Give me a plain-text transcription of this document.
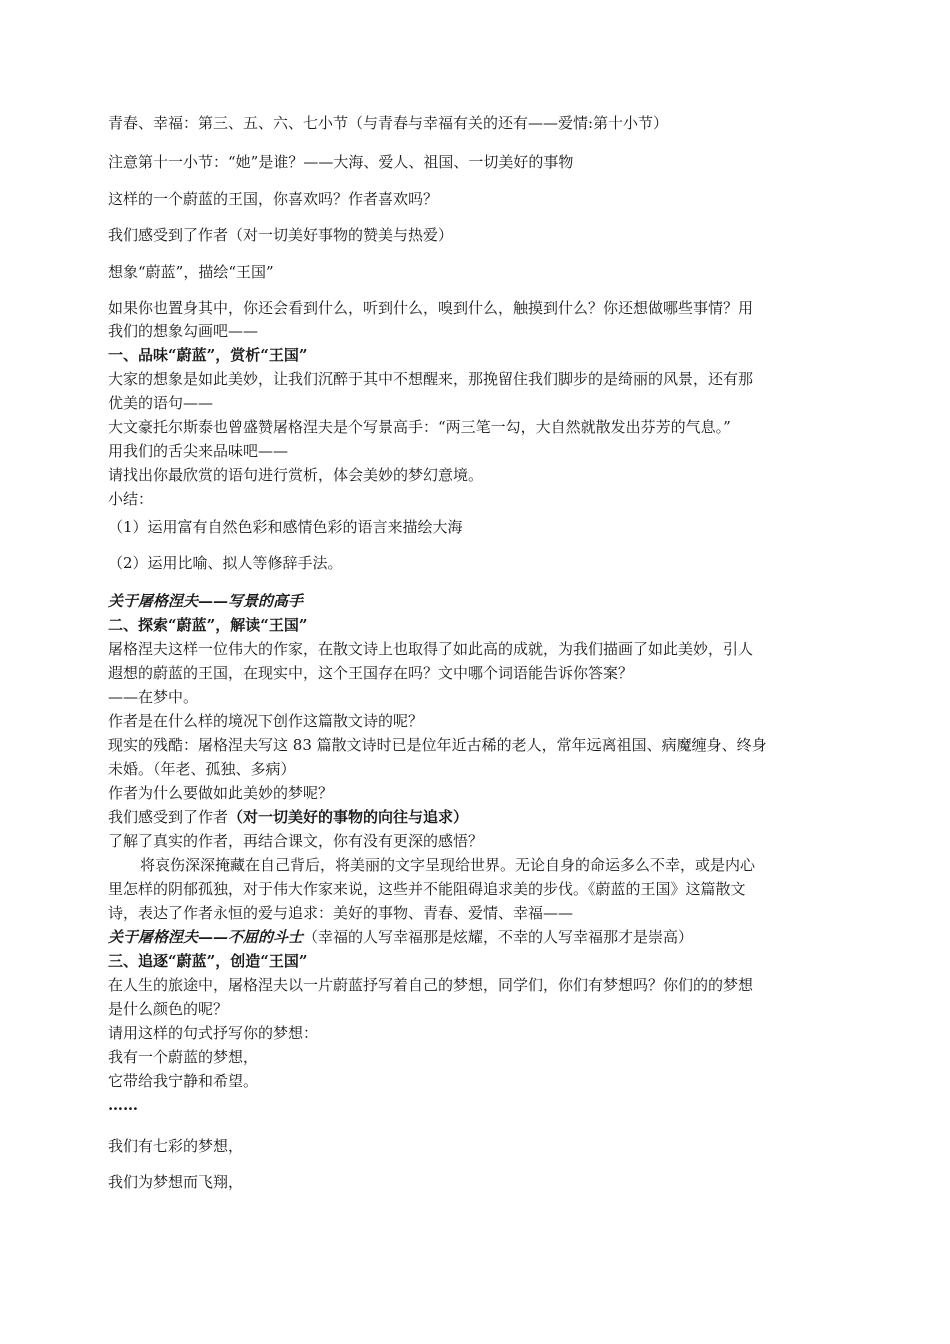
青春、幸福：第三、五、六、七小节（与青春与幸福有关的还有——爱情:第十小节）
注意第十一小节：“她”是谁？——大海、爱人、祖国、一切美好的事物
这样的一个蔚蓝的王国，你喜欢吗？作者喜欢吗？
我们感受到了作者（对一切美好事物的赞美与热爱）
想象“蔚蓝”，描绘“王国”
如果你也置身其中，你还会看到什么，听到什么，嗅到什么，触摸到什么？你还想做哪些事情？用
我们的想象勾画吧——
一、品味“蔚蓝”，赏析“王国”
大家的想象是如此美妙，让我们沉醉于其中不想醒来，那挽留住我们脚步的是绮丽的风景，还有那
优美的语句——
大文豪托尔斯泰也曾盛赞屠格涅夫是个写景高手：“两三笔一勾，大自然就散发出芬芳的气息。”
用我们的舌尖来品味吧——
请找出你最欣赏的语句进行赏析，体会美妙的梦幻意境。
小结：
（1）运用富有自然色彩和感情色彩的语言来描绘大海
（2）运用比喻、拟人等修辞手法。
关于屠格涅夫——写景的高手
二、探索“蔚蓝”，解读“王国”
屠格涅夫这样一位伟大的作家，在散文诗上也取得了如此高的成就，为我们描画了如此美妙，引人
遐想的蔚蓝的王国，在现实中，这个王国存在吗？文中哪个词语能告诉你答案？
——在梦中。
作者是在什么样的境况下创作这篇散文诗的呢？
现实的残酷：屠格涅夫写这 83 篇散文诗时已是位年近古稀的老人，常年远离祖国、病魔缠身、终身
未婚。（年老、孤独、多病）
作者为什么要做如此美妙的梦呢？
我们感受到了作者（对一切美好的事物的向往与追求）
了解了真实的作者，再结合课文，你有没有更深的感悟？
将哀伤深深掩藏在自己背后，将美丽的文字呈现给世界。无论自身的命运多么不幸，或是内心
里怎样的阴郁孤独，对于伟大作家来说，这些并不能阻碍追求美的步伐。《蔚蓝的王国》这篇散文
诗，表达了作者永恒的爱与追求：美好的事物、青春、爱情、幸福——
关于屠格涅夫——不屈的斗士（幸福的人写幸福那是炫耀，不幸的人写幸福那才是崇高）
三、追逐“蔚蓝”，创造“王国”
在人生的旅途中，屠格涅夫以一片蔚蓝抒写着自己的梦想，同学们，你们有梦想吗？你们的的梦想
是什么颜色的呢？
请用这样的句式抒写你的梦想：
我有一个蔚蓝的梦想，
它带给我宁静和希望。
……
我们有七彩的梦想，
我们为梦想而飞翔，
